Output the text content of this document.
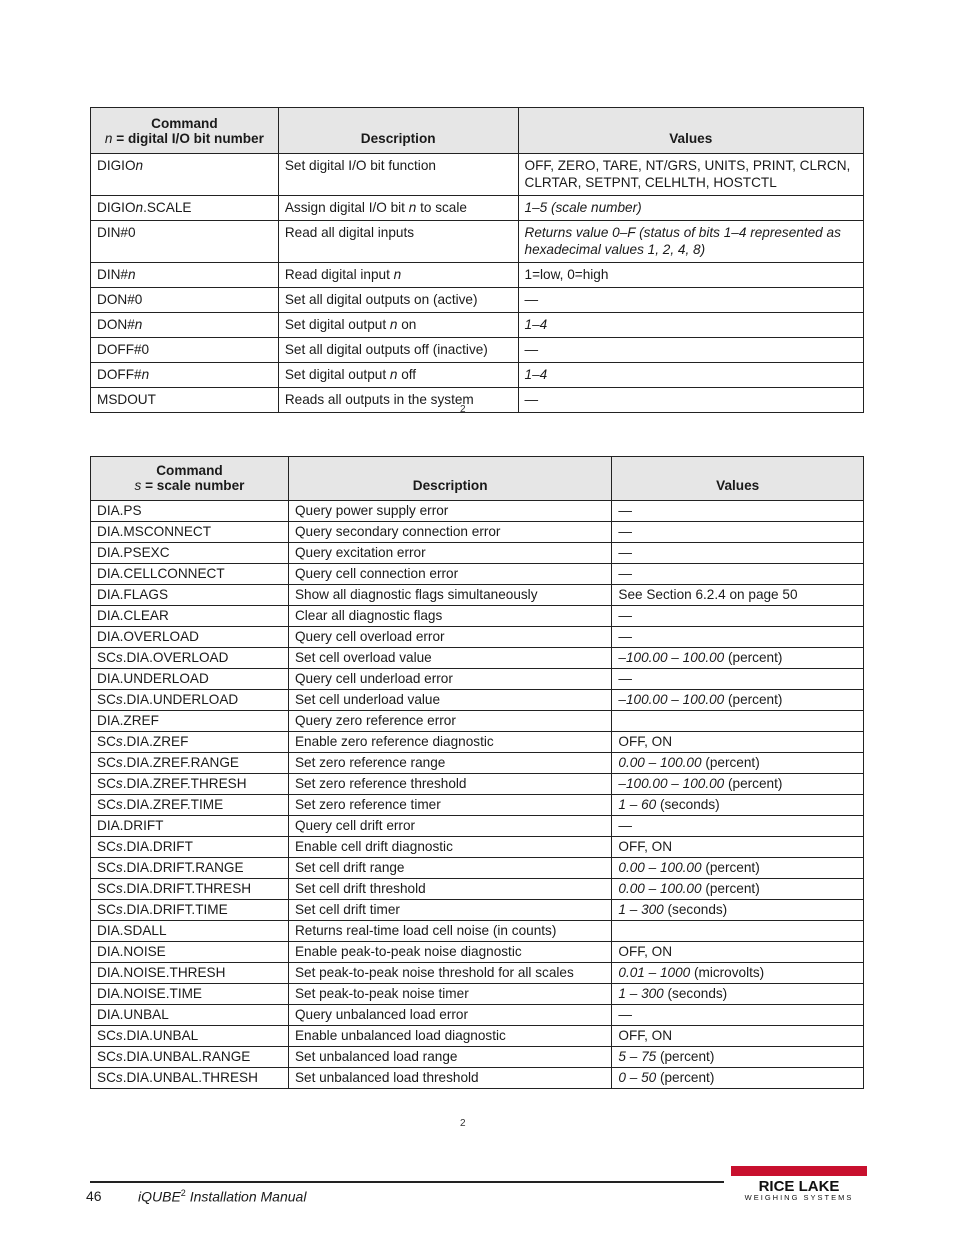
Command
n = digital I/O bit number	Description	Values
DIGIOn	Set digital I/O bit function	OFF, ZERO, TARE, NT/GRS, UNITS, PRINT, CLRCN, CLRTAR, SETPNT, CELHLTH, HOSTCTL
DIGIOn.SCALE	Assign digital I/O bit n to scale	1–5 (scale number)
DIN#0	Read all digital inputs	Returns value 0–F (status of bits 1–4 represented as hexadecimal values 1, 2, 4, 8)
DIN#n	Read digital input n	1=low, 0=high
DON#0	Set all digital outputs on (active)	—
DON#n	Set digital output n on	1–4
DOFF#0	Set all digital outputs off (inactive)	—
DOFF#n	Set digital output n off	1–4
MSDOUT	Reads all outputs in the system	—
2
Command
s = scale number	Description	Values
DIA.PS	Query power supply error	—
DIA.MSCONNECT	Query secondary connection error	—
DIA.PSEXC	Query excitation error	—
DIA.CELLCONNECT	Query cell connection error	—
DIA.FLAGS	Show all diagnostic flags simultaneously	See Section 6.2.4 on page 50
DIA.CLEAR	Clear all diagnostic flags	—
DIA.OVERLOAD	Query cell overload error	—
SCs.DIA.OVERLOAD	Set cell overload value	–100.00 – 100.00 (percent)
DIA.UNDERLOAD	Query cell underload error	—
SCs.DIA.UNDERLOAD	Set cell underload value	–100.00 – 100.00 (percent)
DIA.ZREF	Query zero reference error	
SCs.DIA.ZREF	Enable zero reference diagnostic	OFF, ON
SCs.DIA.ZREF.RANGE	Set zero reference range	0.00 – 100.00 (percent)
SCs.DIA.ZREF.THRESH	Set zero reference threshold	–100.00 – 100.00 (percent)
SCs.DIA.ZREF.TIME	Set zero reference timer	1 – 60 (seconds)
DIA.DRIFT	Query cell drift error	—
SCs.DIA.DRIFT	Enable cell drift diagnostic	OFF, ON
SCs.DIA.DRIFT.RANGE	Set cell drift range	0.00 – 100.00 (percent)
SCs.DIA.DRIFT.THRESH	Set cell drift threshold	0.00 – 100.00 (percent)
SCs.DIA.DRIFT.TIME	Set cell drift timer	1 – 300 (seconds)
DIA.SDALL	Returns real-time load cell noise (in counts)	
DIA.NOISE	Enable peak-to-peak noise diagnostic	OFF, ON
DIA.NOISE.THRESH	Set peak-to-peak noise threshold for all scales	0.01 – 1000 (microvolts)
DIA.NOISE.TIME	Set peak-to-peak noise timer	1 – 300 (seconds)
DIA.UNBAL	Query unbalanced load error	—
SCs.DIA.UNBAL	Enable unbalanced load diagnostic	OFF, ON
SCs.DIA.UNBAL.RANGE	Set unbalanced load range	5 – 75 (percent)
SCs.DIA.UNBAL.THRESH	Set unbalanced load threshold	0 – 50 (percent)
2
46	iQUBE$^2$ Installation Manual
RICE LAKE
WEIGHING SYSTEMS
